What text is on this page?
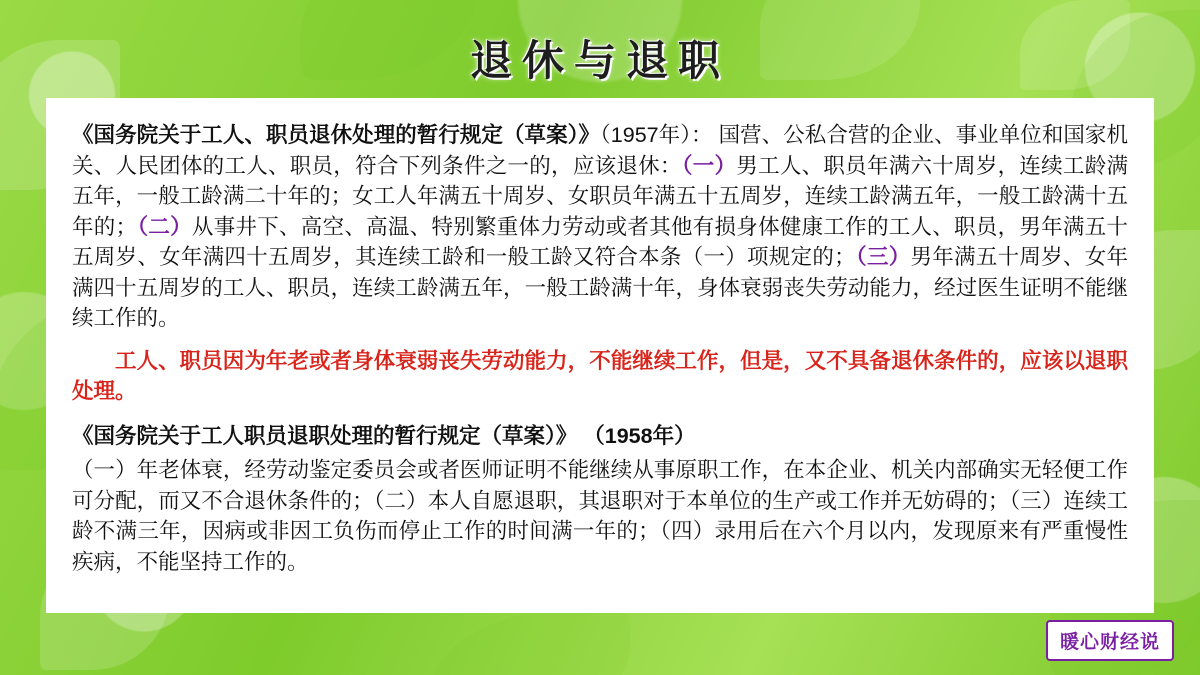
退休与退职

《国务院关于工人、职员退休处理的暂行规定（草案）》（1957年）： 国营、公私合营的企业、事业单位和国家机关、人民团体的工人、职员，符合下列条件之一的，应该退休：（一）男工人、职员年满六十周岁，连续工龄满五年，一般工龄满二十年的；女工人年满五十周岁、女职员年满五十五周岁，连续工龄满五年，一般工龄满十五年的；（二）从事井下、高空、高温、特别繁重体力劳动或者其他有损身体健康工作的工人、职员，男年满五十五周岁、女年满四十五周岁，其连续工龄和一般工龄又符合本条（一）项规定的；（三）男年满五十周岁、女年满四十五周岁的工人、职员，连续工龄满五年，一般工龄满十年，身体衰弱丧失劳动能力，经过医生证明不能继续工作的。

工人、职员因为年老或者身体衰弱丧失劳动能力，不能继续工作，但是，又不具备退休条件的，应该以退职处理。

《国务院关于工人职员退职处理的暂行规定（草案）》 （1958年）

（一）年老体衰，经劳动鉴定委员会或者医师证明不能继续从事原职工作，在本企业、机关内部确实无轻便工作可分配，而又不合退休条件的；（二）本人自愿退职，其退职对于本单位的生产或工作并无妨碍的；（三）连续工龄不满三年，因病或非因工负伤而停止工作的时间满一年的；（四）录用后在六个月以内，发现原来有严重慢性疾病，不能坚持工作的。

暖心财经说
